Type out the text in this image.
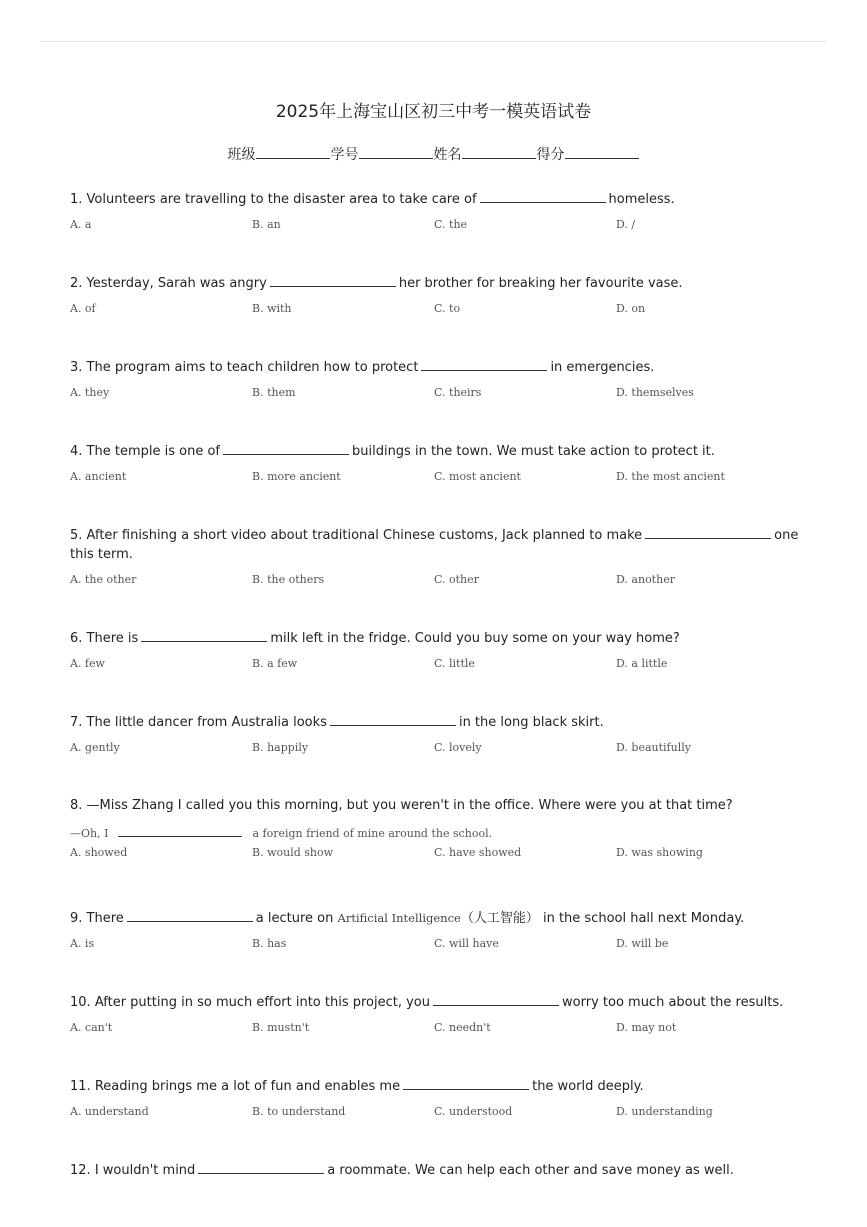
2025年上海宝山区初三中考一模英语试卷
班级	学号	姓名	得分
1. Volunteers are travelling to the disaster area to take care of	homeless.
A. a	B. an	C. the	D. /
2. Yesterday, Sarah was angry	her brother for breaking her favourite vase.
A. of	B. with	C. to	D. on
3. The program aims to teach children how to protect	in emergencies.
A. they	B. them	C. theirs	D. themselves
4. The temple is one of	buildings in the town. We must take action to protect it.
A. ancient	B. more ancient	C. most ancient	D. the most ancient
5. After finishing a short video about traditional Chinese customs, Jack planned to make	one this term.
A. the other	B. the others	C. other	D. another
6. There is	milk left in the fridge. Could you buy some on your way home?
A. few	B. a few	C. little	D. a little
7. The little dancer from Australia looks	in the long black skirt.
A. gently	B. happily	C. lovely	D. beautifully
8. —Miss Zhang I called you this morning, but you weren't in the office. Where were you at that time?
—Oh, I	a foreign friend of mine around the school.
A. showed	B. would show	C. have showed	D. was showing
9. There	a lecture on Artificial Intelligence（人工智能） in the school hall next Monday.
A. is	B. has	C. will have	D. will be
10. After putting in so much effort into this project, you	worry too much about the results.
A. can't	B. mustn't	C. needn't	D. may not
11. Reading brings me a lot of fun and enables me	the world deeply.
A. understand	B. to understand	C. understood	D. understanding
12. I wouldn't mind	a roommate. We can help each other and save money as well.
